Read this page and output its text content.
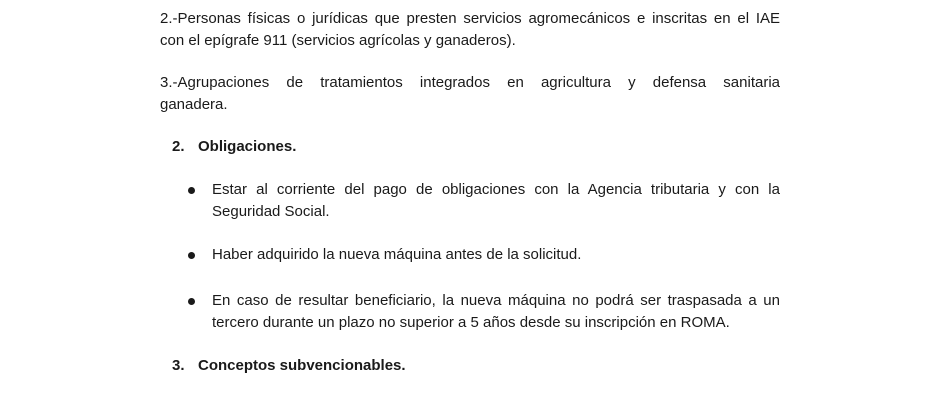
2.-Personas físicas o jurídicas que presten servicios agromecánicos e inscritas en el IAE
con el epígrafe 911 (servicios agrícolas y ganaderos).
3.-Agrupaciones de tratamientos integrados en agricultura y defensa sanitaria
ganadera.
2. Obligaciones.
Estar al corriente del pago de obligaciones con la Agencia tributaria y con la
Seguridad Social.
Haber adquirido la nueva máquina antes de la solicitud.
En caso de resultar beneficiario, la nueva máquina no podrá ser traspasada a un
tercero durante un plazo no superior a 5 años desde su inscripción en ROMA.
3. Conceptos subvencionables.
